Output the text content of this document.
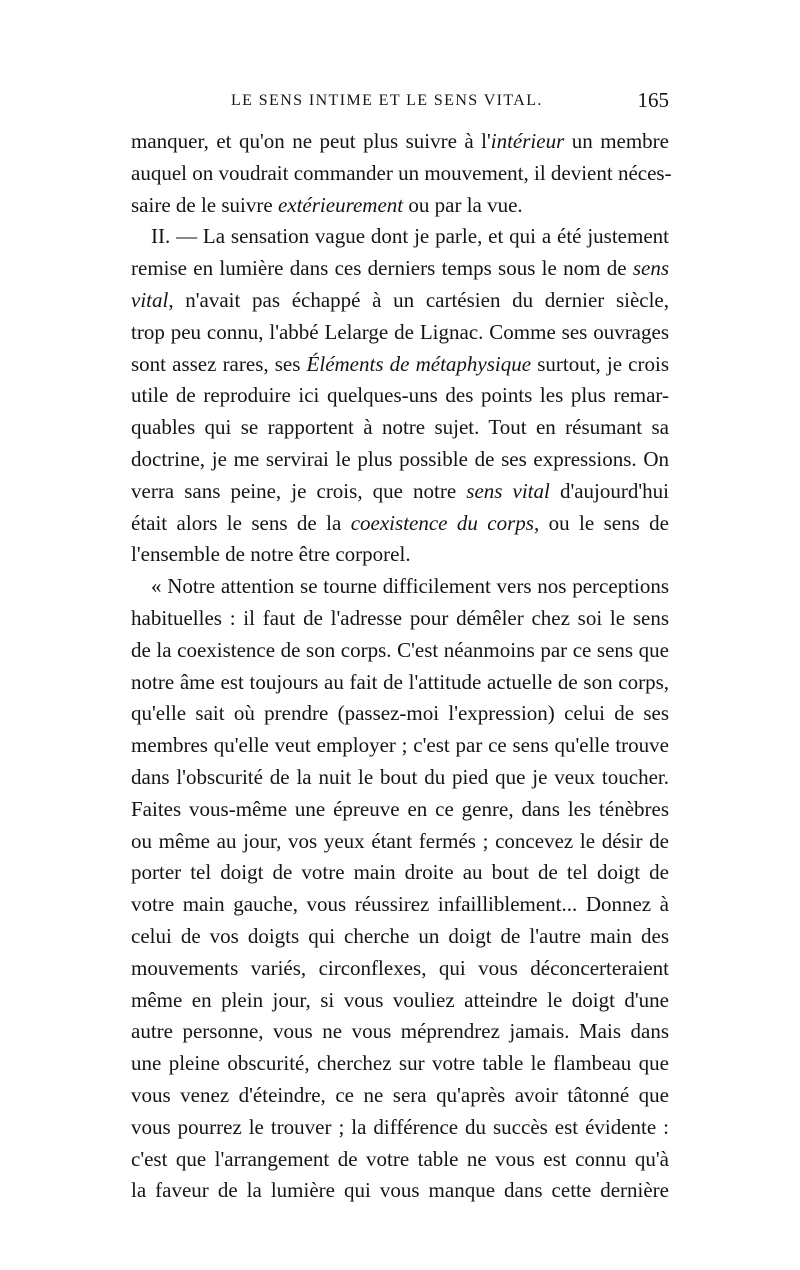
LE SENS INTIME ET LE SENS VITAL.	165
manquer, et qu'on ne peut plus suivre à l'intérieur un membre
auquel on voudrait commander un mouvement, il devient néces-
saire de le suivre extérieurement ou par la vue.
II. — La sensation vague dont je parle, et qui a été justement
remise en lumière dans ces derniers temps sous le nom de sens
vital, n'avait pas échappé à un cartésien du dernier siècle,
trop peu connu, l'abbé Lelarge de Lignac. Comme ses ouvrages
sont assez rares, ses Éléments de métaphysique surtout, je crois
utile de reproduire ici quelques-uns des points les plus remar-
quables qui se rapportent à notre sujet. Tout en résumant sa
doctrine, je me servirai le plus possible de ses expressions. On
verra sans peine, je crois, que notre sens vital d'aujourd'hui
était alors le sens de la coexistence du corps, ou le sens de
l'ensemble de notre être corporel.
« Notre attention se tourne difficilement vers nos perceptions
habituelles : il faut de l'adresse pour démêler chez soi le sens
de la coexistence de son corps. C'est néanmoins par ce sens que
notre âme est toujours au fait de l'attitude actuelle de son corps,
qu'elle sait où prendre (passez-moi l'expression) celui de ses
membres qu'elle veut employer ; c'est par ce sens qu'elle trouve
dans l'obscurité de la nuit le bout du pied que je veux toucher.
Faites vous-même une épreuve en ce genre, dans les ténèbres
ou même au jour, vos yeux étant fermés ; concevez le désir de
porter tel doigt de votre main droite au bout de tel doigt de
votre main gauche, vous réussirez infailliblement... Donnez à
celui de vos doigts qui cherche un doigt de l'autre main des
mouvements variés, circonflexes, qui vous déconcerteraient
même en plein jour, si vous vouliez atteindre le doigt d'une
autre personne, vous ne vous méprendrez jamais. Mais dans
une pleine obscurité, cherchez sur votre table le flambeau que
vous venez d'éteindre, ce ne sera qu'après avoir tâtonné que
vous pourrez le trouver ; la différence du succès est évidente :
c'est que l'arrangement de votre table ne vous est connu qu'à
la faveur de la lumière qui vous manque dans cette dernière
